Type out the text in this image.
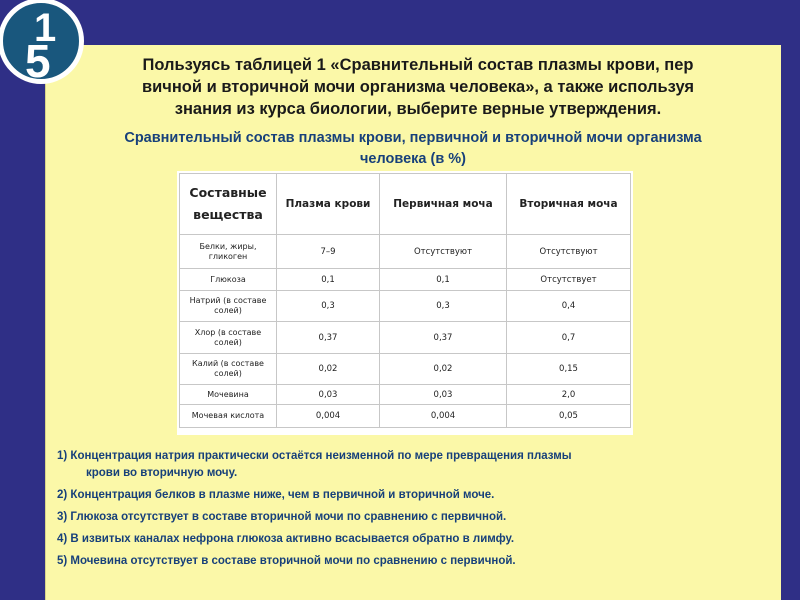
1
5	Пользуясь таблицей 1 «Сравнительный состав плазмы крови, пер
вичной и вторичной мочи организма человека», а также используя
знания из курса биологии, выберите верные утверждения.
Сравнительный состав плазмы крови, первичной и вторичной мочи организма
человека (в %)
Составные
вещества	Плазма крови	Первичная моча	Вторичная моча

Белки, жиры,
гликоген	7–9	Отсутствуют	Отсутствуют

Глюкоза	0,1	0,1	Отсутствует

Натрий (в составе
солей)	0,3	0,3	0,4

Хлор (в составе
солей)	0,37	0,37	0,7

Калий (в составе
солей)	0,02	0,02	0,15

Мочевина	0,03	0,03	2,0

Мочевая кислота	0,004	0,004	0,05
1) Концентрация натрия практически остаётся неизменной по мере превращения плазмы
крови во вторичную мочу.
2) Концентрация белков в плазме ниже, чем в первичной и вторичной моче.
3) Глюкоза отсутствует в составе вторичной мочи по сравнению с первичной.
4) В извитых каналах нефрона глюкоза активно всасывается обратно в лимфу.
5) Мочевина отсутствует в составе вторичной мочи по сравнению с первичной.
